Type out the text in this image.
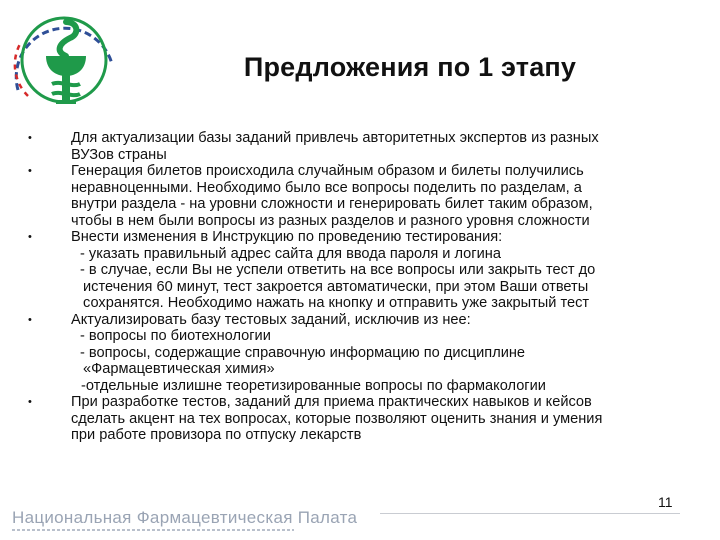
Предложения по 1 этапу
•	Для актуализации базы заданий привлечь авторитетных экспертов из разных
ВУЗов страны
•	Генерация билетов происходила случайным образом и билеты получились
неравноценными. Необходимо было все вопросы поделить по разделам, а
внутри раздела - на уровни сложности и генерировать билет таким образом,
чтобы в нем были вопросы из разных разделов и разного уровня сложности
•	Внести изменения в Инструкцию по проведению тестирования:
- указать правильный адрес сайта для ввода пароля и логина
- в случае, если Вы не успели ответить на все вопросы или закрыть тест до
истечения 60 минут, тест закроется автоматически, при этом Ваши ответы
сохранятся. Необходимо нажать на кнопку и отправить уже закрытый тест
•	Актуализировать базу тестовых заданий, исключив из нее:
- вопросы по биотехнологии
- вопросы, содержащие справочную информацию по дисциплине
«Фармацевтическая химия»
-отдельные излишне теоретизированные вопросы по фармакологии
•	При разработке тестов, заданий для приема практических навыков и кейсов
сделать акцент на тех вопросах, которые позволяют оценить знания и умения
при работе провизора по отпуску лекарств
11
Национальная Фармацевтическая Палата
